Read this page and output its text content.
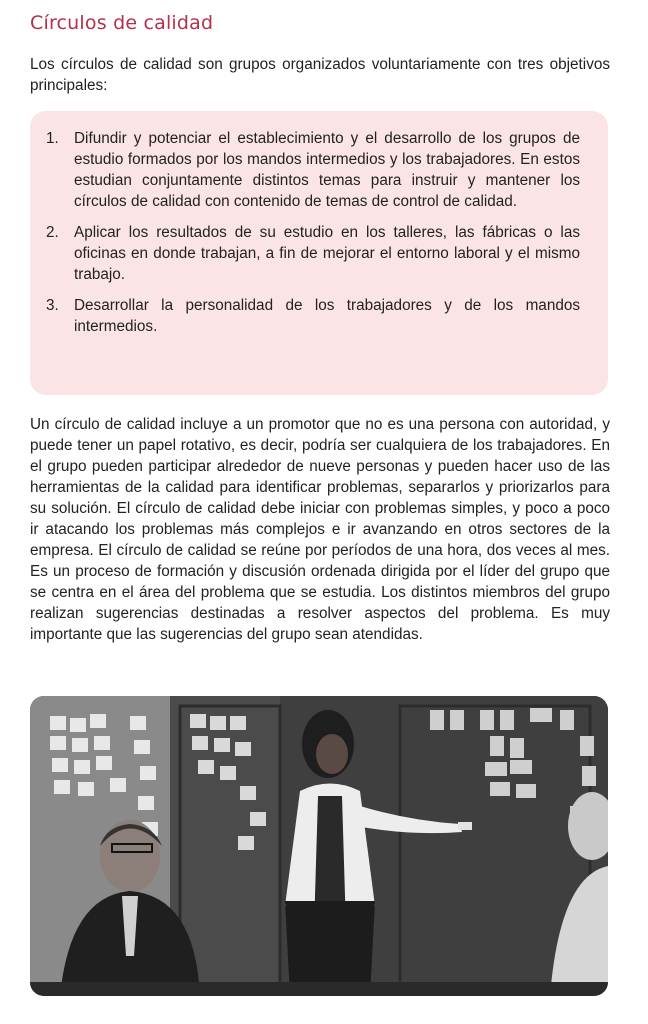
Círculos de calidad

Los círculos de calidad son grupos organizados voluntariamente con tres objetivos principales:

1. Difundir y potenciar el establecimiento y el desarrollo de los grupos de estudio formados por los mandos intermedios y los trabajadores. En estos estudian conjuntamente distintos temas para instruir y mantener los círculos de calidad con contenido de temas de control de calidad.
2. Aplicar los resultados de su estudio en los talleres, las fábricas o las oficinas en donde trabajan, a fin de mejorar el entorno laboral y el mismo trabajo.
3. Desarrollar la personalidad de los trabajadores y de los mandos intermedios.

Un círculo de calidad incluye a un promotor que no es una persona con autoridad, y puede tener un papel rotativo, es decir, podría ser cualquiera de los trabajadores. En el grupo pueden participar alrededor de nueve personas y pueden hacer uso de las herramientas de la calidad para identificar problemas, separarlos y priorizarlos para su solución. El círculo de calidad debe iniciar con problemas simples, y poco a poco ir atacando los problemas más complejos e ir avanzando en otros sectores de la empresa. El círculo de calidad se reúne por períodos de una hora, dos veces al mes. Es un proceso de formación y discusión ordenada dirigida por el líder del grupo que se centra en el área del problema que se estudia. Los distintos miembros del grupo realizan sugerencias destinadas a resolver aspectos del problema. Es muy importante que las sugerencias del grupo sean atendidas.
